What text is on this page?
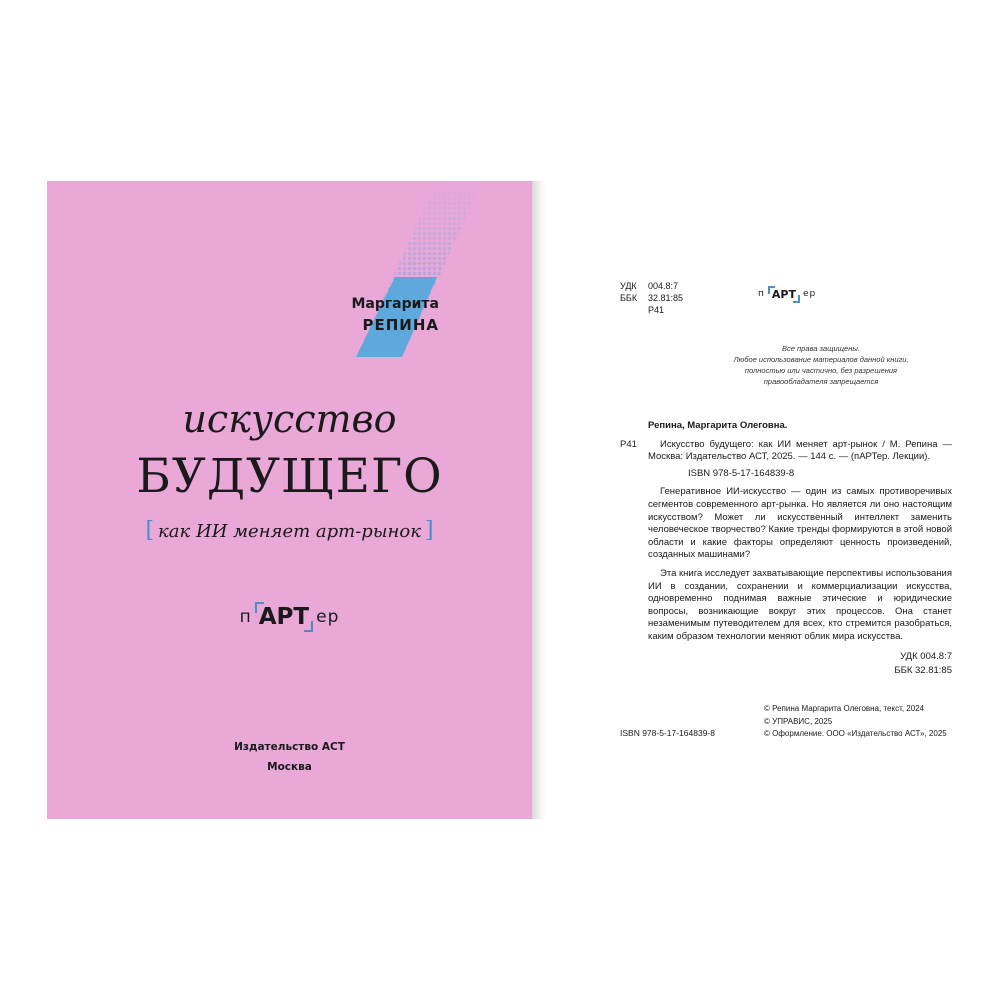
Маргарита
РЕПИНА
искусство
БУДУЩЕГО
[ как ИИ меняет арт-рынок ]
п АРТ ер
Издательство АСТ
Москва
УДК 004.8:7
ББК 32.81:85
Р41
п АРТ ер
Все права защищены.
Любое использование материалов данной книги,
полностью или частично, без разрешения
правообладателя запрещается
Репина, Маргарита Олеговна.
Р41	Искусство будущего: как ИИ меняет арт-рынок / М. Репина — Москва: Издательство АСТ, 2025. — 144 с. — (пАРТер. Лекции).

ISBN 978-5-17-164839-8

Генеративное ИИ-искусство — один из самых противоречивых сегментов современного арт-рынка. Но является ли оно настоящим искусством? Может ли искусственный интеллект заменить человеческое творчество? Какие тренды формируются в этой новой области и какие факторы определяют ценность произведений, созданных машинами?

Эта книга исследует захватывающие перспективы использования ИИ в создании, сохранении и коммерциализации искусства, одновременно поднимая важные этические и юридические вопросы, возникающие вокруг этих процессов. Она станет незаменимым путеводителем для всех, кто стремится разобраться, каким образом технологии меняют облик мира искусства.

УДК 004.8:7
ББК 32.81:85
ISBN 978-5-17-164839-8
© Репина Маргарита Олеговна, текст, 2024
© УПРАВИС, 2025
© Оформление. ООО «Издательство АСТ», 2025
